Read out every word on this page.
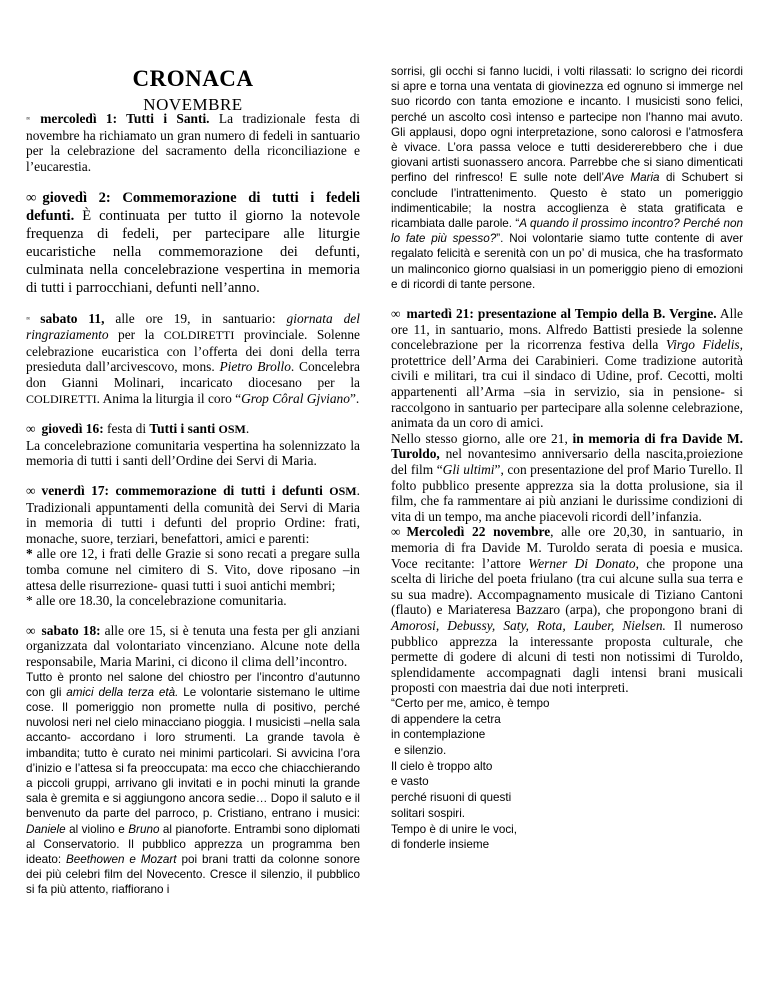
CRONACA
NOVEMBRE

∞ mercoledì 1: Tutti i Santi. La tradizionale festa di novembre ha richiamato un gran numero di fedeli in santuario per la celebrazione del sacramento della riconciliazione e l’eucarestia.

∞ giovedì 2: Commemorazione di tutti i fedeli defunti. È continuata per tutto il giorno la notevole frequenza di fedeli, per partecipare alle liturgie eucaristiche nella commemorazione dei defunti, culminata nella concelebrazione vespertina in memoria di tutti i parrocchiani, defunti nell’anno.

∞ sabato 11, alle ore 19, in santuario: giornata del ringraziamento per la COLDIRETTI provinciale. Solenne celebrazione eucaristica con l’offerta dei doni della terra presieduta dall’arcivescovo, mons. Pietro Brollo. Concelebra don Gianni Molinari, incaricato diocesano per la COLDIRETTI. Anima la liturgia il coro “Grop Côral Gjviano”.

∞ giovedì 16: festa di Tutti i santi OSM.

La concelebrazione comunitaria vespertina ha solennizzato la memoria di tutti i santi dell’Ordine dei Servi di Maria.

∞ venerdì 17: commemorazione di tutti i defunti OSM. Tradizionali appuntamenti della comunità dei Servi di Maria in memoria di tutti i defunti del proprio Ordine: frati, monache, suore, terziari, benefattori, amici e parenti:

* alle ore 12, i frati delle Grazie si sono recati a pregare sulla tomba comune nel cimitero di S. Vito, dove riposano –in attesa delle risurrezione- quasi tutti i suoi antichi membri;

* alle ore 18.30, la concelebrazione comunitaria.

∞ sabato 18: alle ore 15, si è tenuta una festa per gli anziani organizzata dal volontariato vincenziano. Alcune note della responsabile, Maria Marini, ci dicono il clima dell’incontro.

Tutto è pronto nel salone del chiostro per l’incontro d’autunno con gli amici della terza età. Le volontarie sistemano le ultime cose. Il pomeriggio non promette nulla di positivo, perché nuvolosi neri nel cielo minacciano pioggia. I musicisti –nella sala accanto- accordano i loro strumenti. La grande tavola è imbandita; tutto è curato nei minimi particolari. Si avvicina l’ora d’inizio e l’attesa si fa preoccupata: ma ecco che chiacchierando a piccoli gruppi, arrivano gli invitati e in pochi minuti la grande sala è gremita e si aggiungono ancora sedie… Dopo il saluto e il benvenuto da parte del parroco, p. Cristiano, entrano i musici: Daniele al violino e Bruno al pianoforte. Entrambi sono diplomati al Conservatorio. Il pubblico apprezza un programma ben ideato: Beethowen e Mozart poi brani tratti da colonne sonore dei più celebri film del Novecento. Cresce il silenzio, il pubblico si fa più attento, riaffiorano i

sorrisi, gli occhi si fanno lucidi, i volti rilassati: lo scrigno dei ricordi si apre e torna una ventata di giovinezza ed ognuno si immerge nel suo ricordo con tanta emozione e incanto. I musicisti sono felici, perché un ascolto così intenso e partecipe non l’hanno mai avuto. Gli applausi, dopo ogni interpretazione, sono calorosi e l’atmosfera è vivace. L’ora passa veloce e tutti desidererebbero che i due giovani artisti suonassero ancora. Parrebbe che si siano dimenticati perfino del rinfresco! E sulle note dell’Ave Maria di Schubert si conclude l’intrattenimento. Questo è stato un pomeriggio indimenticabile; la nostra accoglienza è stata gratificata e ricambiata dalle parole. “A quando il prossimo incontro? Perché non lo fate più spesso?”. Noi volontarie siamo tutte contente di aver regalato felicità e serenità con un po’ di musica, che ha trasformato un malinconico giorno qualsiasi in un pomeriggio pieno di emozioni e di ricordi di tante persone.

∞ martedì 21: presentazione al Tempio della B. Vergine. Alle ore 11, in santuario, mons. Alfredo Battisti presiede la solenne concelebrazione per la ricorrenza festiva della Virgo Fidelis, protettrice dell’Arma dei Carabinieri. Come tradizione autorità civili e militari, tra cui il sindaco di Udine, prof. Cecotti, molti appartenenti all’Arma –sia in servizio, sia in pensione- si raccolgono in santuario per partecipare alla solenne celebrazione, animata da un coro di amici.

Nello stesso giorno, alle ore 21, in memoria di fra Davide M. Turoldo, nel novantesimo anniversario della nascita,proiezione del film “Gli ultimi”, con presentazione del prof Mario Turello. Il folto pubblico presente apprezza sia la dotta prolusione, sia il film, che fa rammentare ai più anziani le durissime condizioni di vita di un tempo, ma anche piacevoli ricordi dell’infanzia.

∞ Mercoledì 22 novembre, alle ore 20,30, in santuario, in memoria di fra Davide M. Turoldo serata di poesia e musica. Voce recitante: l’attore Werner Di Donato, che propone una scelta di liriche del poeta friulano (tra cui alcune sulla sua terra e su sua madre). Accompagnamento musicale di Tiziano Cantoni (flauto) e Mariateresa Bazzaro (arpa), che propongono brani di Amorosi, Debussy, Saty, Rota, Lauber, Nielsen. Il numeroso pubblico apprezza la interessante proposta culturale, che permette di godere di alcuni di testi non notissimi di Turoldo, splendidamente accompagnati dagli intensi brani musicali proposti con maestria dai due noti interpreti.

“Certo per me, amico, è tempo

di appendere la cetra

in contemplazione

e silenzio.

Il cielo è troppo alto

e vasto

perché risuoni di questi

solitari sospiri.

Tempo è di unire le voci,

di fonderle insieme
